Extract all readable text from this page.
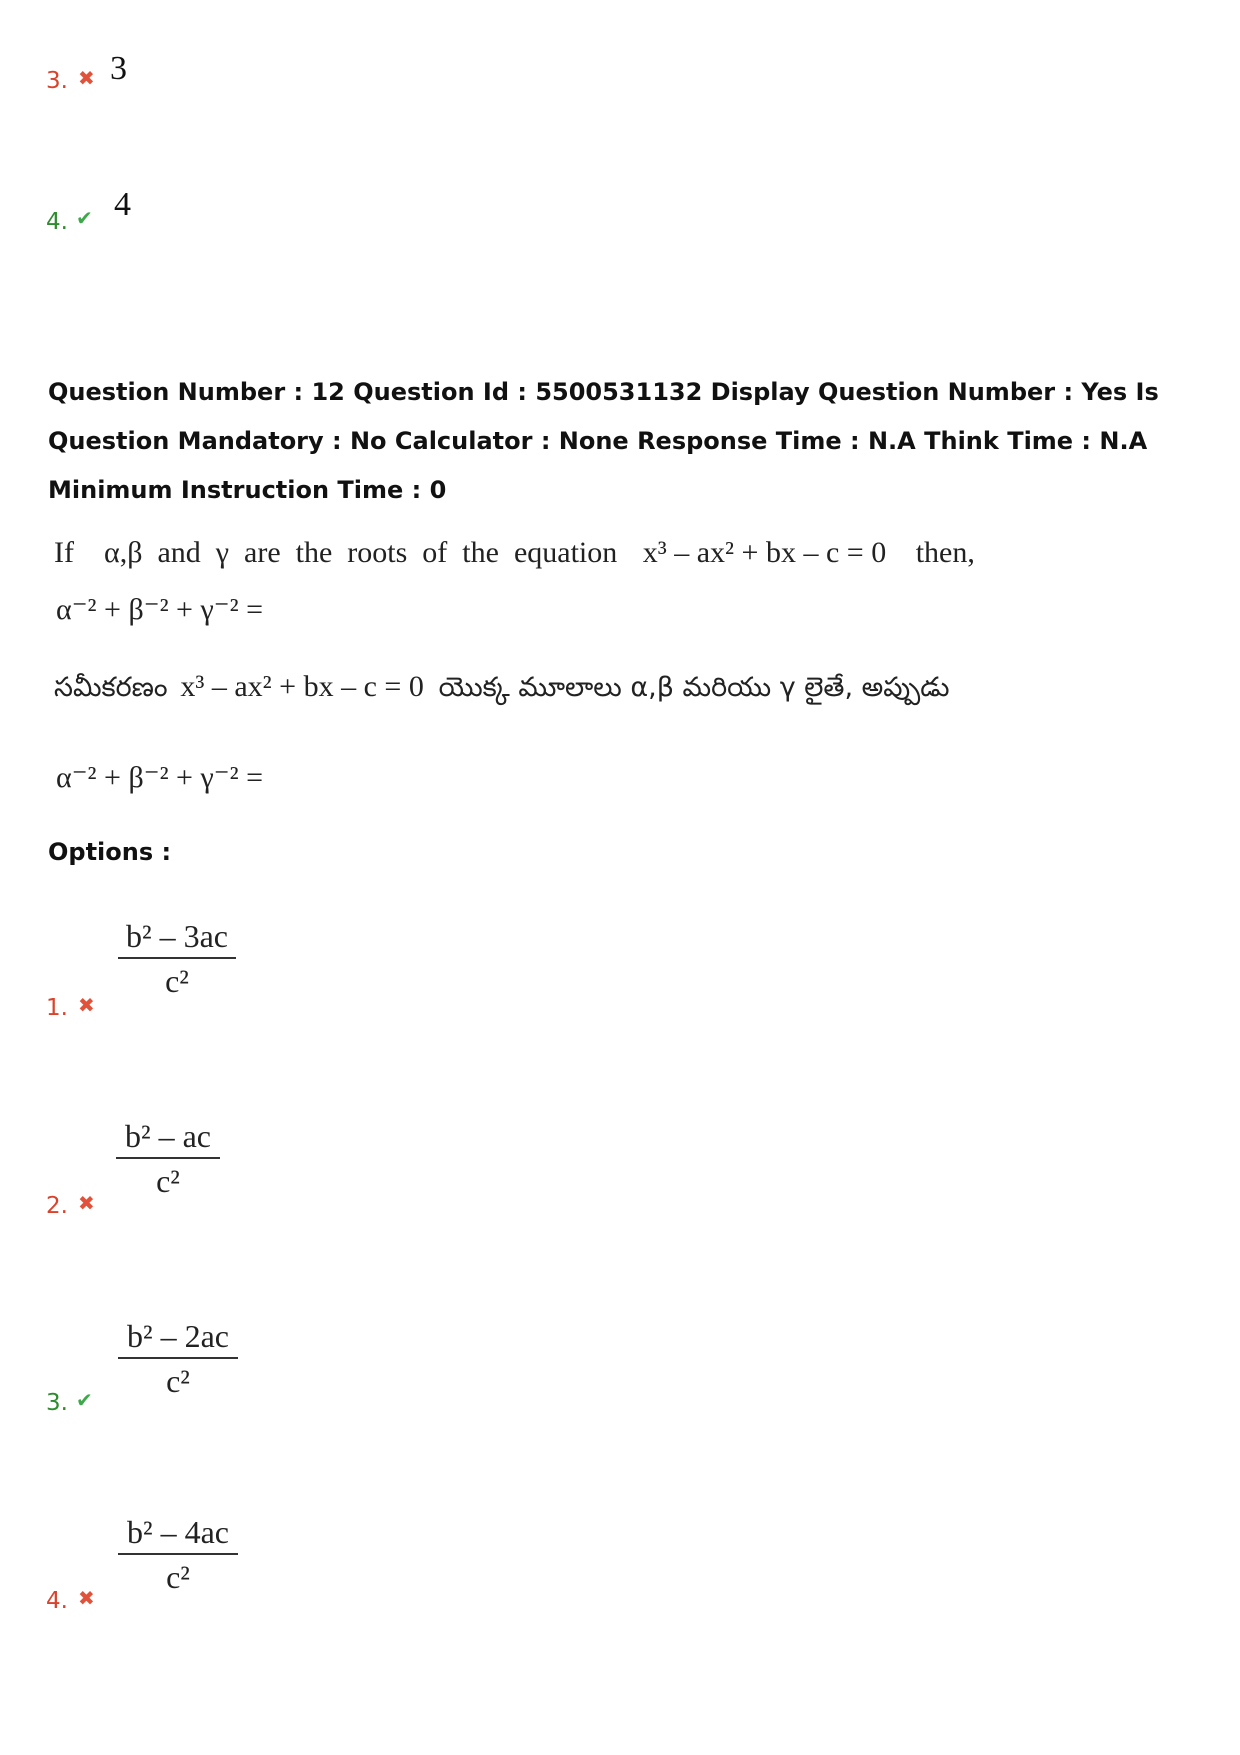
3. ✖ 3
4. ✔ 4
Question Number : 12 Question Id : 5500531132 Display Question Number : Yes Is Question Mandatory : No Calculator : None Response Time : N.A Think Time : N.A Minimum Instruction Time : 0
If    α,β  and  γ  are  the  roots  of  the  equation x³ – ax² + bx – c = 0 then,
α⁻² + β⁻² + γ⁻² =
సమీకరణం x³ – ax² + bx – c = 0 యొక్క మూలాలు α,β మరియు γ లైతే, అప్పుడు
α⁻² + β⁻² + γ⁻² =
Options :
b² – 3ac
c²
1. ✖
b² – ac
c²
2. ✖
b² – 2ac
c²
3. ✔
b² – 4ac
c²
4. ✖
